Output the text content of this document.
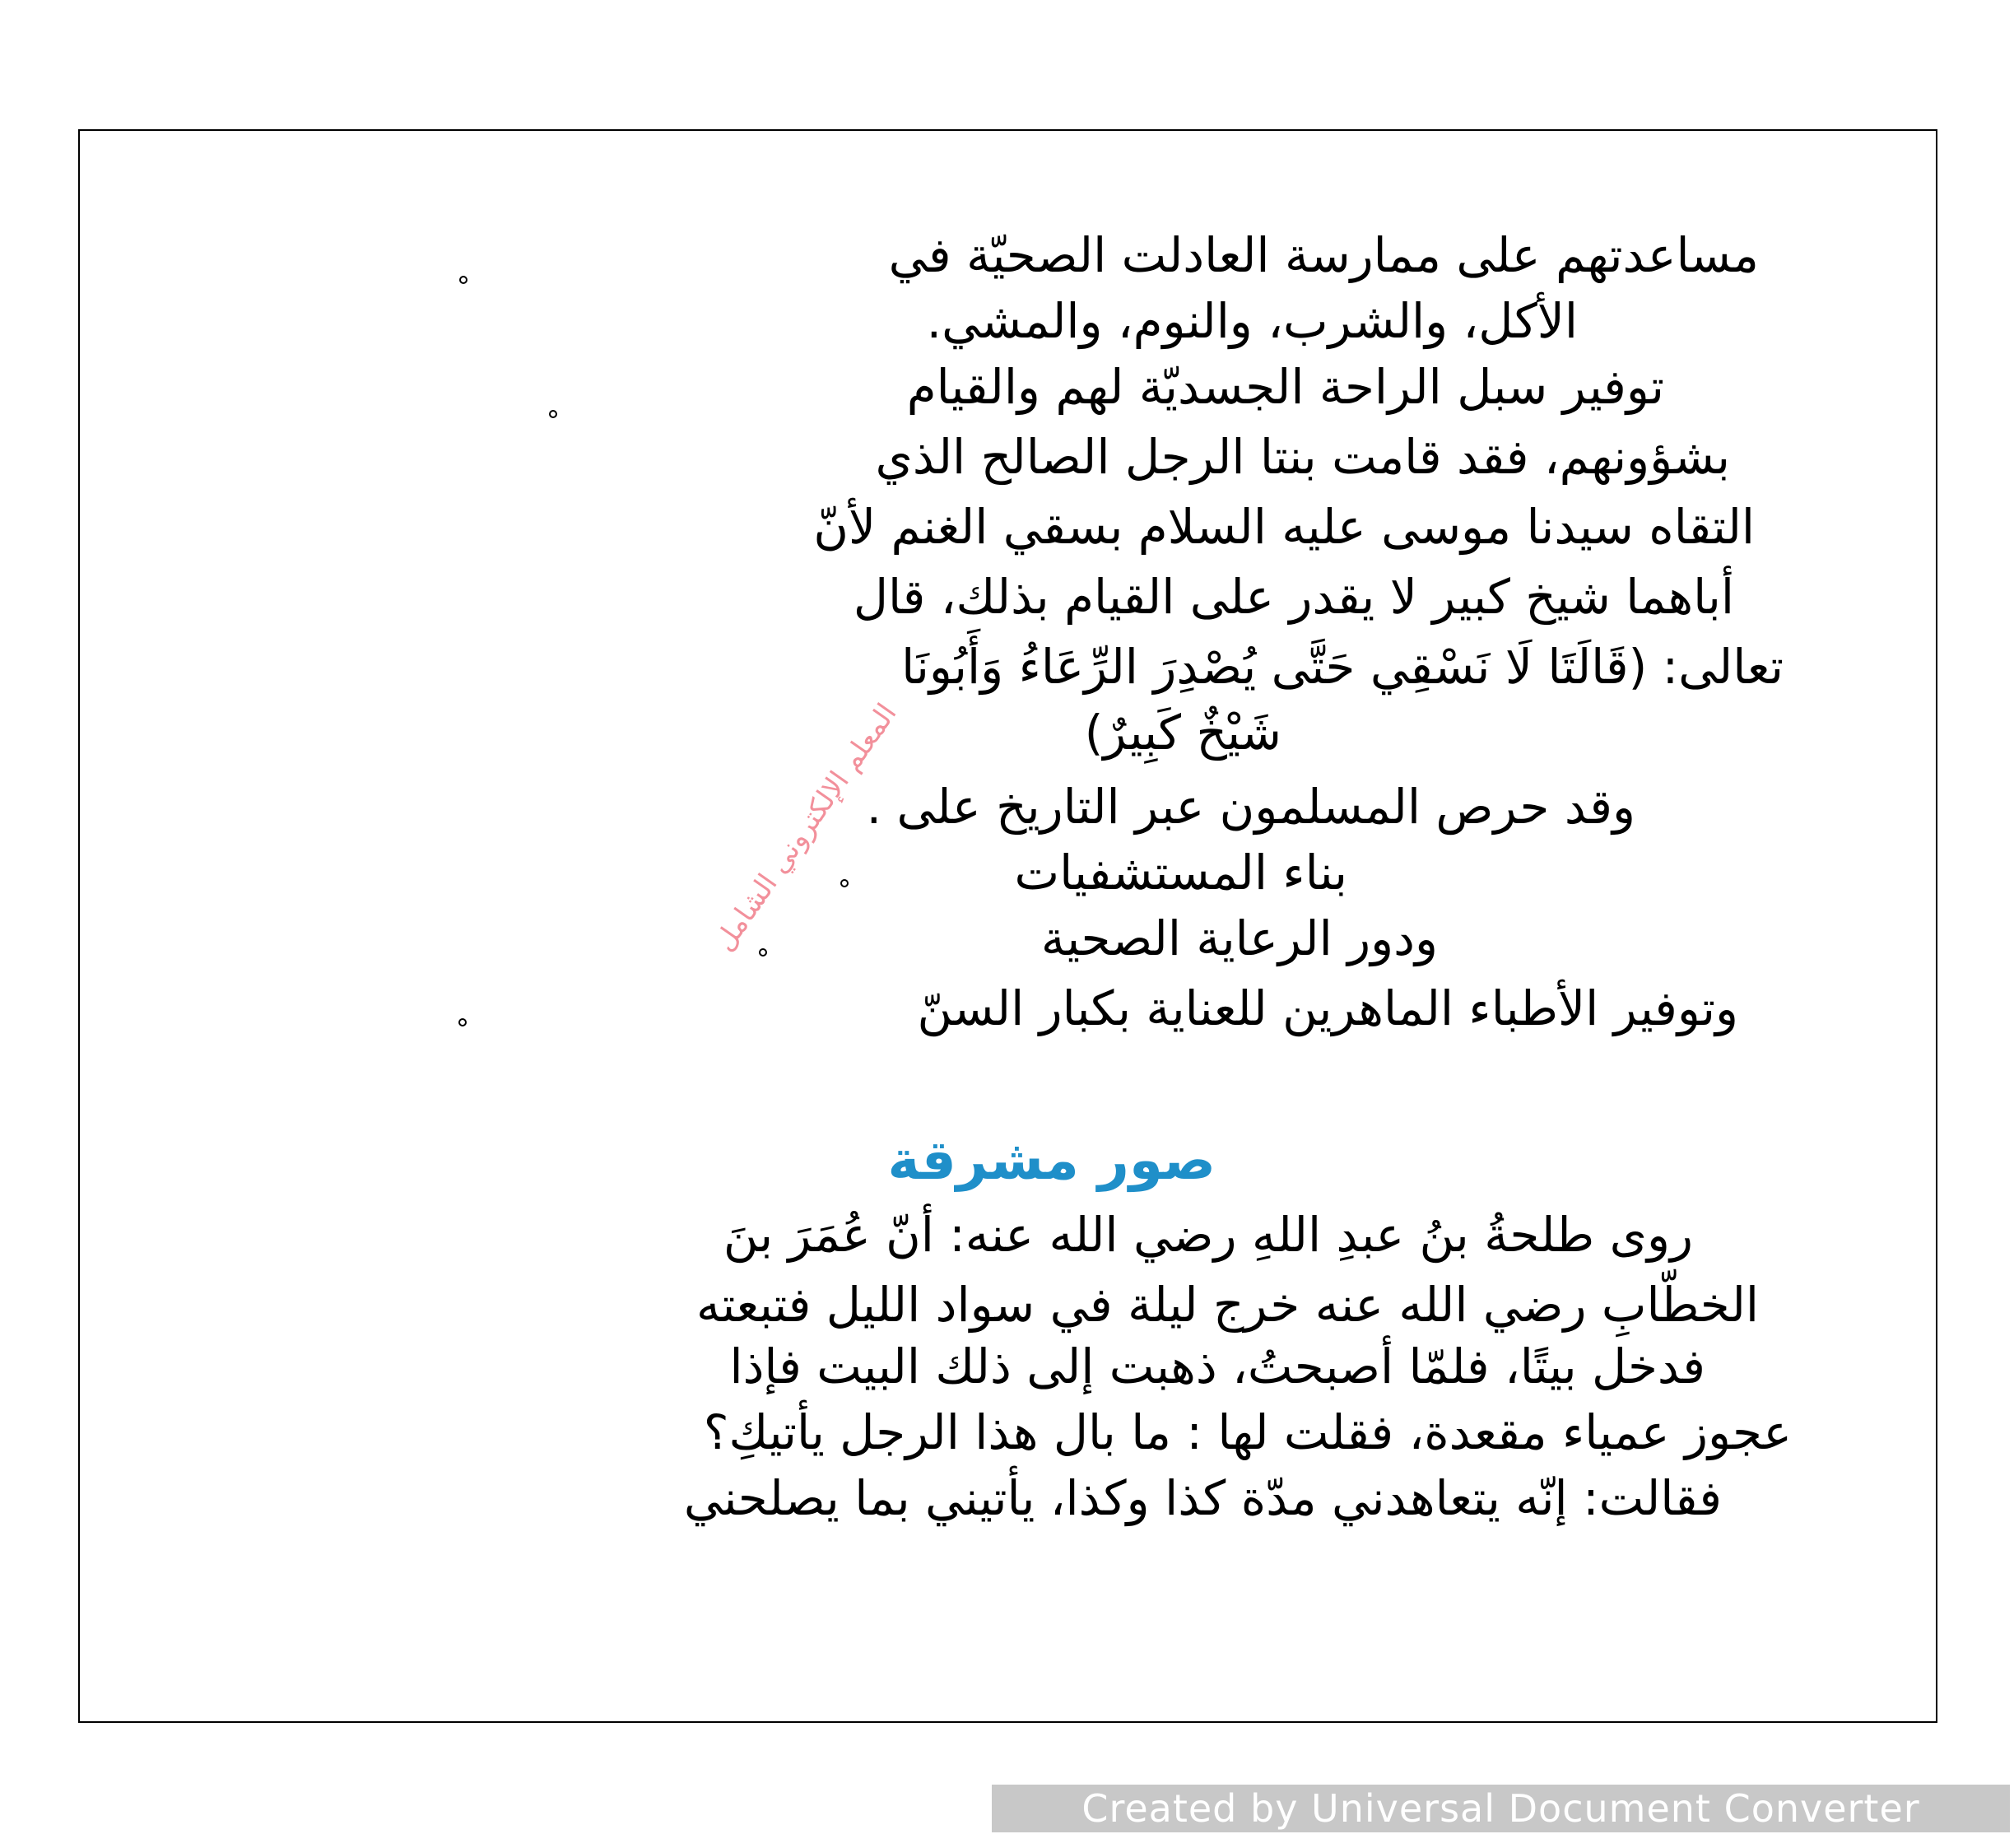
مساعدتهم على ممارسة العادلت الصحيّة في
الأكل، والشرب، والنوم، والمشي.
توفير سبل الراحة الجسديّة لهم والقيام
بشؤونهم، فقد قامت بنتا الرجل الصالح الذي
التقاه سيدنا موسى عليه السلام بسقي الغنم لأنّ
أباهما شيخ كبير لا يقدر على القيام بذلك، قال
تعالى: (قَالَتَا لَا نَسْقِي حَتَّى يُصْدِرَ الرِّعَاءُ وَأَبُونَا
شَيْخٌ كَبِيرٌ)
وقد حرص المسلمون عبر التاريخ على .
بناء المستشفيات
ودور الرعاية الصحية
وتوفير الأطباء الماهرين للعناية بكبار السنّ
المعلم الإلكتروني الشامل
صور مشرقة
روى طلحةُ بنُ عبدِ اللهِ رضي الله عنه: أنّ عُمَرَ بنَ
الخطّابِ رضي الله عنه خرج ليلة في سواد الليل فتبعته
فدخل بيتًا، فلمّا أصبحتُ، ذهبت إلى ذلك البيت فإذا
عجوز عمياء مقعدة، فقلت لها : ما بال هذا الرجل يأتيكِ؟
فقالت: إنّه يتعاهدني مدّة كذا وكذا، يأتيني بما يصلحني
Created by Universal Document Converter
